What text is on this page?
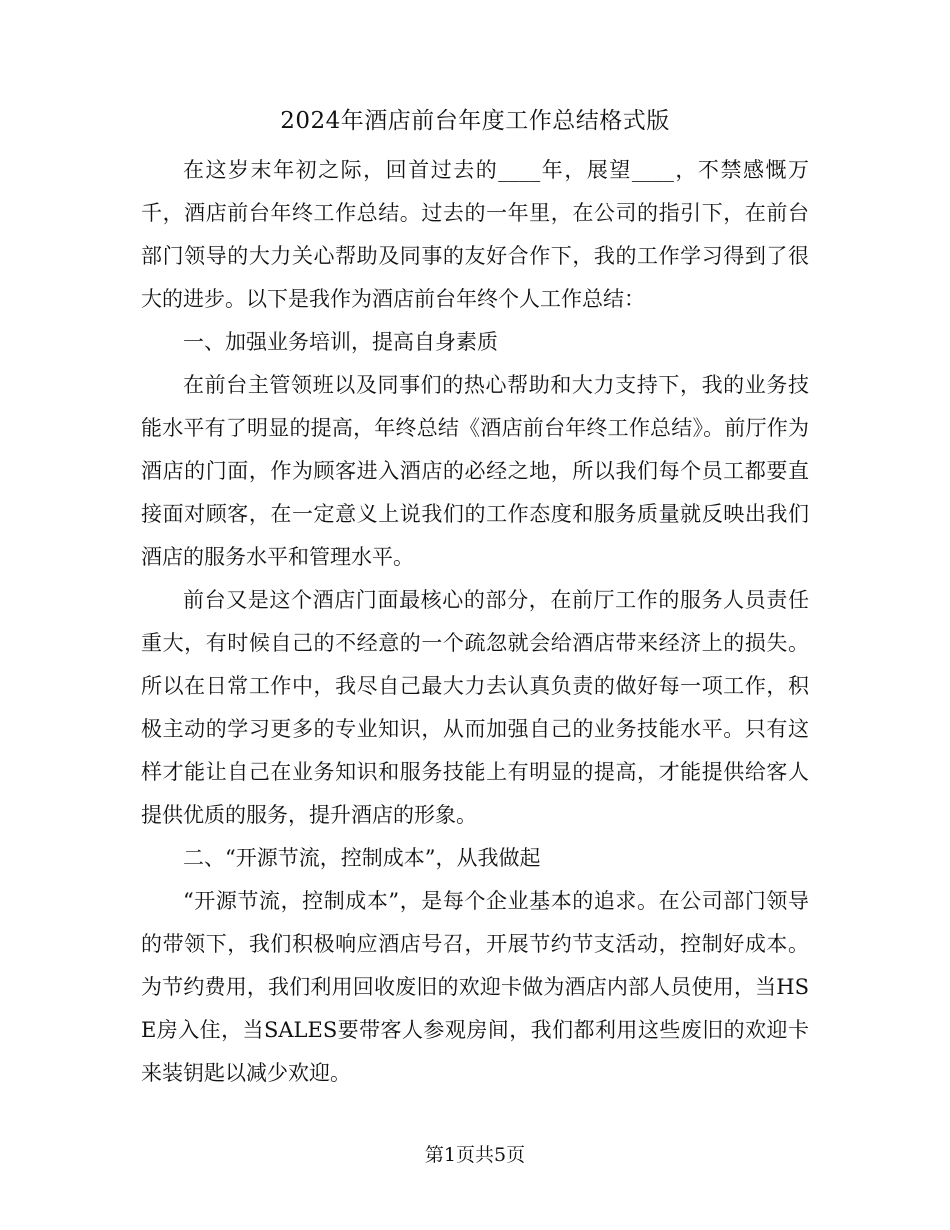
2024年酒店前台年度工作总结格式版

在这岁末年初之际，回首过去的____年，展望____，不禁感慨万千，酒店前台年终工作总结。过去的一年里，在公司的指引下，在前台部门领导的大力关心帮助及同事的友好合作下，我的工作学习得到了很大的进步。以下是我作为酒店前台年终个人工作总结：

一、加强业务培训，提高自身素质

在前台主管领班以及同事们的热心帮助和大力支持下，我的业务技能水平有了明显的提高，年终总结《酒店前台年终工作总结》。前厅作为酒店的门面，作为顾客进入酒店的必经之地，所以我们每个员工都要直接面对顾客，在一定意义上说我们的工作态度和服务质量就反映出我们酒店的服务水平和管理水平。

前台又是这个酒店门面最核心的部分，在前厅工作的服务人员责任重大，有时候自己的不经意的一个疏忽就会给酒店带来经济上的损失。所以在日常工作中，我尽自己最大力去认真负责的做好每一项工作，积极主动的学习更多的专业知识，从而加强自己的业务技能水平。只有这样才能让自己在业务知识和服务技能上有明显的提高，才能提供给客人提供优质的服务，提升酒店的形象。

二、“开源节流，控制成本”，从我做起

“开源节流，控制成本”，是每个企业基本的追求。在公司部门领导的带领下，我们积极响应酒店号召，开展节约节支活动，控制好成本。为节约费用，我们利用回收废旧的欢迎卡做为酒店内部人员使用，当HSE房入住，当SALES要带客人参观房间，我们都利用这些废旧的欢迎卡来装钥匙以减少欢迎。

第1页共5页
